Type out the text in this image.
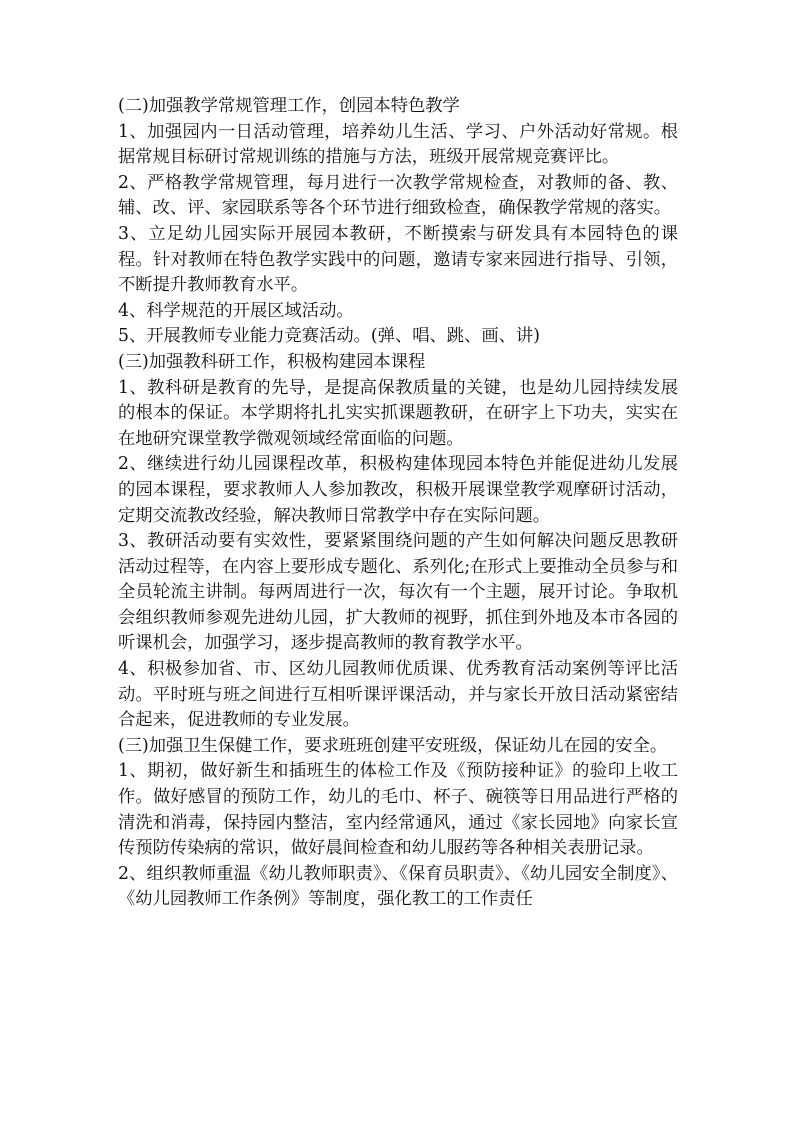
(二)加强教学常规管理工作，创园本特色教学

1、加强园内一日活动管理，培养幼儿生活、学习、户外活动好常规。根据常规目标研讨常规训练的措施与方法，班级开展常规竞赛评比。

2、严格教学常规管理，每月进行一次教学常规检查，对教师的备、教、辅、改、评、家园联系等各个环节进行细致检查，确保教学常规的落实。

3、立足幼儿园实际开展园本教研，不断摸索与研发具有本园特色的课程。针对教师在特色教学实践中的问题，邀请专家来园进行指导、引领，不断提升教师教育水平。

4、科学规范的开展区域活动。

5、开展教师专业能力竞赛活动。(弹、唱、跳、画、讲)

(三)加强教科研工作，积极构建园本课程

1、教科研是教育的先导，是提高保教质量的关键，也是幼儿园持续发展的根本的保证。本学期将扎扎实实抓课题教研，在研字上下功夫，实实在在地研究课堂教学微观领域经常面临的问题。

2、继续进行幼儿园课程改革，积极构建体现园本特色并能促进幼儿发展的园本课程，要求教师人人参加教改，积极开展课堂教学观摩研讨活动，定期交流教改经验，解决教师日常教学中存在实际问题。

3、教研活动要有实效性，要紧紧围绕问题的产生如何解决问题反思教研活动过程等，在内容上要形成专题化、系列化;在形式上要推动全员参与和全员轮流主讲制。每两周进行一次，每次有一个主题，展开讨论。争取机会组织教师参观先进幼儿园，扩大教师的视野，抓住到外地及本市各园的听课机会，加强学习，逐步提高教师的教育教学水平。

4、积极参加省、市、区幼儿园教师优质课、优秀教育活动案例等评比活动。平时班与班之间进行互相听课评课活动，并与家长开放日活动紧密结合起来，促进教师的专业发展。

(三)加强卫生保健工作，要求班班创建平安班级，保证幼儿在园的安全。

1、期初，做好新生和插班生的体检工作及《预防接种证》的验印上收工作。做好感冒的预防工作，幼儿的毛巾、杯子、碗筷等日用品进行严格的清洗和消毒，保持园内整洁，室内经常通风，通过《家长园地》向家长宣传预防传染病的常识，做好晨间检查和幼儿服药等各种相关表册记录。

2、组织教师重温《幼儿教师职责》、《保育员职责》、《幼儿园安全制度》、《幼儿园教师工作条例》等制度，强化教工的工作责任
